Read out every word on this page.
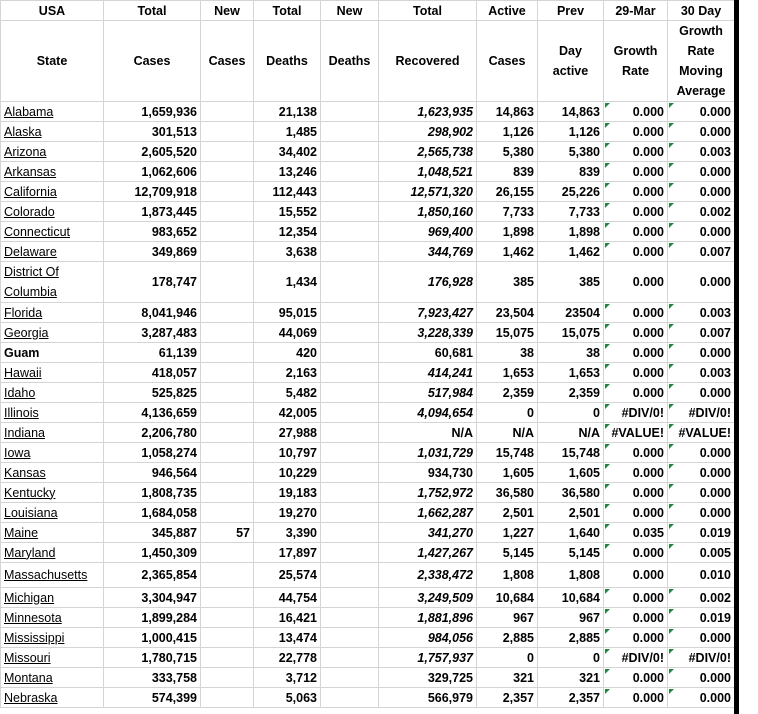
USA	Total	New	Total	New	Total	Active	Prev	29-Mar	30 Day
State	Cases	Cases	Deaths	Deaths	Recovered	Cases	Day active	Growth Rate	Growth Rate Moving Average
Alabama	1,659,936		21,138		1,623,935	14,863	14,863	0.000	0.000
Alaska	301,513		1,485		298,902	1,126	1,126	0.000	0.000
Arizona	2,605,520		34,402		2,565,738	5,380	5,380	0.000	0.003
Arkansas	1,062,606		13,246		1,048,521	839	839	0.000	0.000
California	12,709,918		112,443		12,571,320	26,155	25,226	0.000	0.000
Colorado	1,873,445		15,552		1,850,160	7,733	7,733	0.000	0.002
Connecticut	983,652		12,354		969,400	1,898	1,898	0.000	0.000
Delaware	349,869		3,638		344,769	1,462	1,462	0.000	0.007
District Of Columbia	178,747		1,434		176,928	385	385	0.000	0.000
Florida	8,041,946		95,015		7,923,427	23,504	23504	0.000	0.003
Georgia	3,287,483		44,069		3,228,339	15,075	15,075	0.000	0.007
Guam	61,139		420		60,681	38	38	0.000	0.000
Hawaii	418,057		2,163		414,241	1,653	1,653	0.000	0.003
Idaho	525,825		5,482		517,984	2,359	2,359	0.000	0.000
Illinois	4,136,659		42,005		4,094,654	0	0	#DIV/0!	#DIV/0!
Indiana	2,206,780		27,988		N/A	N/A	N/A	#VALUE!	#VALUE!
Iowa	1,058,274		10,797		1,031,729	15,748	15,748	0.000	0.000
Kansas	946,564		10,229		934,730	1,605	1,605	0.000	0.000
Kentucky	1,808,735		19,183		1,752,972	36,580	36,580	0.000	0.000
Louisiana	1,684,058		19,270		1,662,287	2,501	2,501	0.000	0.000
Maine	345,887	57	3,390		341,270	1,227	1,640	0.035	0.019
Maryland	1,450,309		17,897		1,427,267	5,145	5,145	0.000	0.005
Massachusetts	2,365,854		25,574		2,338,472	1,808	1,808	0.000	0.010
Michigan	3,304,947		44,754		3,249,509	10,684	10,684	0.000	0.002
Minnesota	1,899,284		16,421		1,881,896	967	967	0.000	0.019
Mississippi	1,000,415		13,474		984,056	2,885	2,885	0.000	0.000
Missouri	1,780,715		22,778		1,757,937	0	0	#DIV/0!	#DIV/0!
Montana	333,758		3,712		329,725	321	321	0.000	0.000
Nebraska	574,399		5,063		566,979	2,357	2,357	0.000	0.000
